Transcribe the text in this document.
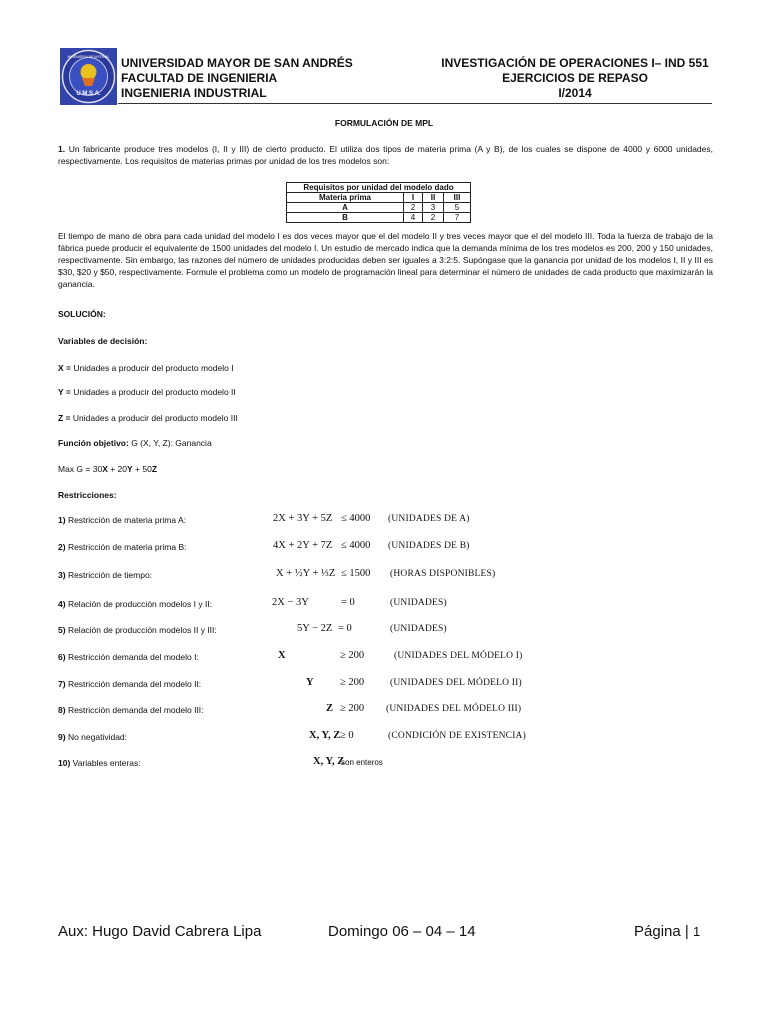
U.M.S.A.
INGENIERIA INDUSTRIAL UNIVERSIDAD MAYOR DE SAN ANDRÉS
FACULTAD DE INGENIERIA
INGENIERIA INDUSTRIAL
INVESTIGACIÓN DE OPERACIONES I– IND 551
EJERCICIOS DE REPASO
I/2014
FORMULACIÓN DE MPL
1. Un fabricante produce tres modelos (I, II y III) de cierto producto. El utiliza dos tipos de materia prima (A y B), de los cuales se dispone de 4000 y 6000 unidades, respectivamente. Los requisitos de materias primas por unidad de los tres modelos son:
Requisitos por unidad del modelo dado			
Materia prima	I	II	III
A	2	3	5
B	4	2	7
El tiempo de mano de obra para cada unidad del modelo I es dos veces mayor que el del modelo II y tres veces mayor que el del modelo III. Toda la fuerza de trabajo de la fábrica puede producir el equivalente de 1500 unidades del modelo I. Un estudio de mercado indica que la demanda mínima de los tres modelos es 200, 200 y 150 unidades, respectivamente. Sin embargo, las razones del número de unidades producidas deben ser iguales a 3:2:5. Supóngase que la ganancia por unidad de los modelos I, II y III es $30, $20 y $50, respectivamente. Formule el problema como un modelo de programación lineal para determinar el número de unidades de cada producto que maximizarán la ganancia.
SOLUCIÓN:
Variables de decisión:
X = Unidades a producir del producto modelo I
Y = Unidades a producir del producto modelo II
Z = Unidades a producir del producto modelo III
Función objetivo: G (X, Y, Z): Ganancia
Max G = 30X + 20Y + 50Z
Restricciones:
1) Restricción de materia prima A:	2X + 3Y + 5Z ≤ 4000 (UNIDADES DE A)
2) Restricción de materia prima B:	4X + 2Y + 7Z ≤ 4000 (UNIDADES DE B)
3) Restricción de tiempo:	X + ½Y + ⅓Z ≤ 1500 (HORAS DISPONIBLES)
4) Relación de producción modelos I y II:	2X − 3Y	= 0	(UNIDADES)
5) Relación de producción modelos II y III:	5Y − 2Z = 0	(UNIDADES)
6) Restricción demanda del modelo I:	X	≥ 200	(UNIDADES DEL MÓDELO I)
7) Restricción demanda del modelo II:	Y	≥ 200	(UNIDADES DEL MÓDELO II)
8) Restricción demanda del modelo III:	Z ≥ 200 (UNIDADES DEL MÓDELO III)
9) No negatividad:	X, Y, Z ≥ 0	(CONDICIÓN DE EXISTENCIA)
10) Variables enteras:	X, Y, Z
son enteros
Aux: Hugo David Cabrera Lipa	Domingo 06 – 04 – 14	Página | 1
